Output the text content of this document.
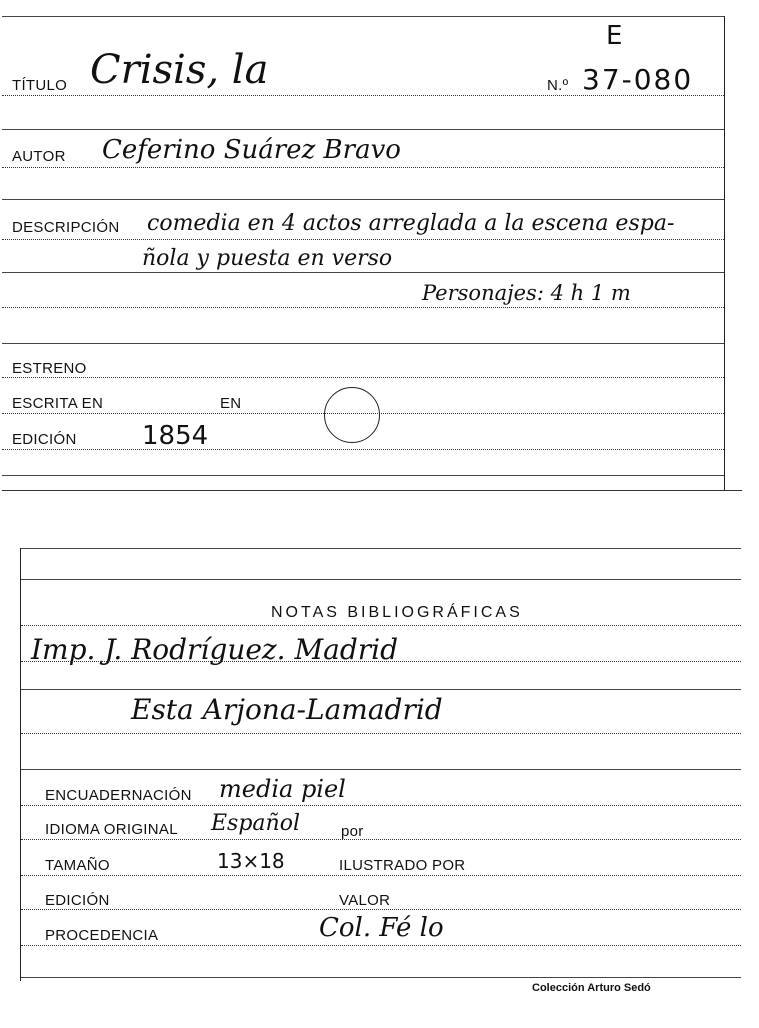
E
TÍTULO Crisis, la	N.º 37-080
AUTOR Ceferino Suárez Bravo
DESCRIPCIÓN comedia en 4 actos arreglada a la escena espa-
ñola y puesta en verso
Personajes: 4 h 1 m
ESTRENO
ESCRITA EN	EN
EDICIÓN	1854
NOTAS BIBLIOGRÁFICAS
Imp. J. Rodríguez. Madrid
Esta Arjona-Lamadrid
ENCUADERNACIÓN media piel
IDIOMA ORIGINAL Español	por
TAMAÑO	13×18	ILUSTRADO POR
EDICIÓN	VALOR
PROCEDENCIA	Col. Fé lo
Colección Arturo Sedó
